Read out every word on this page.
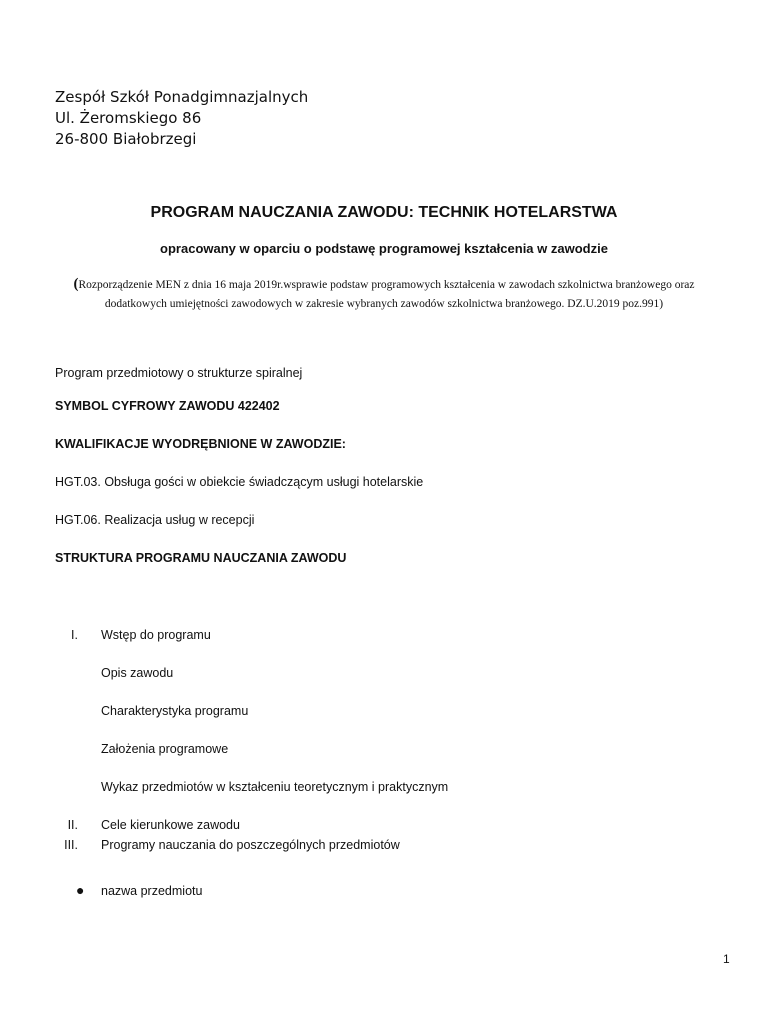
Zespół Szkół Ponadgimnazjalnych
Ul. Żeromskiego 86
26-800 Białobrzegi
PROGRAM NAUCZANIA ZAWODU: TECHNIK HOTELARSTWA
opracowany w oparciu o podstawę programowej kształcenia w zawodzie
(Rozporządzenie MEN z dnia 16 maja 2019r.wsprawie podstaw programowych kształcenia w zawodach szkolnictwa branżowego oraz
dodatkowych umiejętności zawodowych w zakresie wybranych zawodów szkolnictwa branżowego. DZ.U.2019 poz.991)
Program przedmiotowy o strukturze spiralnej
SYMBOL CYFROWY ZAWODU 422402
KWALIFIKACJE WYODRĘBNIONE W ZAWODZIE:
HGT.03. Obsługa gości w obiekcie świadczącym usługi hotelarskie
HGT.06. Realizacja usług w recepcji
STRUKTURA PROGRAMU NAUCZANIA ZAWODU
I. Wstęp do programu
Opis zawodu
Charakterystyka programu
Założenia programowe
Wykaz przedmiotów w kształceniu teoretycznym i praktycznym
II. Cele kierunkowe zawodu
III. Programy nauczania do poszczególnych przedmiotów
● nazwa przedmiotu
1
